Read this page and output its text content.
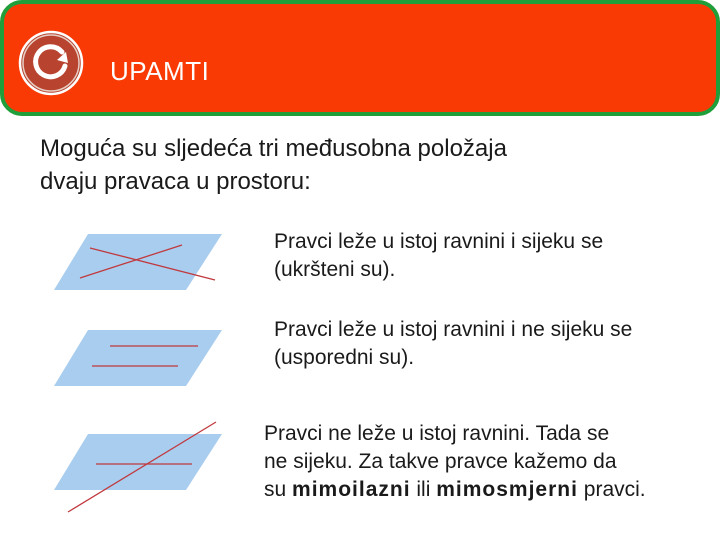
UPAMTI
Moguća su sljedeća tri međusobna položaja
dvaju pravaca u prostoru:
Pravci leže u istoj ravnini i sijeku se
(ukršteni su).
Pravci leže u istoj ravnini i ne sijeku se
(usporedni su).
Pravci ne leže u istoj ravnini. Tada se
ne sijeku. Za takve pravce kažemo da
su mimoilazni ili mimosmjerni pravci.
